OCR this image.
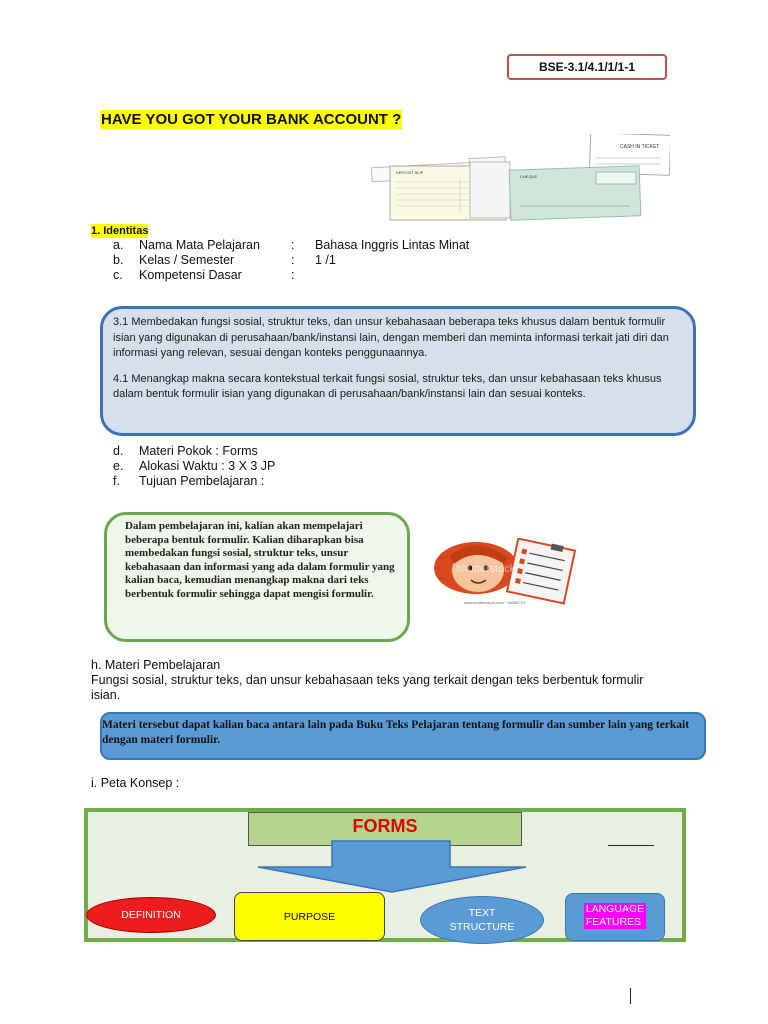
BSE-3.1/4.1/1/1-1
HAVE YOU GOT YOUR BANK ACCOUNT ?
CASH IN TICKET
DEPOSIT SLIP
CHEQUE
1. Identitas
a.	Nama Mata Pelajaran	:	Bahasa Inggris Lintas Minat
b.	Kelas / Semester	:	1 /1
c.	Kompetensi Dasar	:

3.1 Membedakan fungsi sosial, struktur teks, dan unsur kebahasaan beberapa teks khusus dalam bentuk formulir isian yang digunakan di perusahaan/bank/instansi lain, dengan memberi dan meminta informasi terkait jati diri dan informasi yang relevan, sesuai dengan konteks penggunaannya.

4.1 Menangkap makna secara kontekstual terkait fungsi sosial, struktur teks, dan unsur kebahasaan teks khusus dalam bentuk formulir isian yang digunakan di perusahaan/bank/instansi lain dan sesuai konteks.

d.	Materi Pokok : Forms
e.	Alokasi Waktu : 3 X 3 JP
f.	Tujuan Pembelajaran :
Dalam pembelajaran ini, kalian akan mempelajari beberapa bentuk formulir. Kalian diharapkan bisa membedakan fungsi sosial, struktur teks, unsur kebahasaan dan informasi yang ada dalam formulir yang kalian baca, kemudian menangkap makna dari teks berbentuk formulir sehingga dapat mengisi formulir.
shutterstock
www.shutterstock.com · 96458713
h. Materi Pembelajaran
Fungsi sosial, struktur teks, dan unsur kebahasaan teks yang terkait dengan teks berbentuk formulir isian.
Materi tersebut dapat kalian baca antara lain pada Buku Teks Pelajaran tentang formulir dan sumber lain yang terkait dengan materi formulir.
i. Peta Konsep :
FORMS
DEFINITION	PURPOSE	TEXT
STRUCTURE
LANGUAGE
FEATURES
